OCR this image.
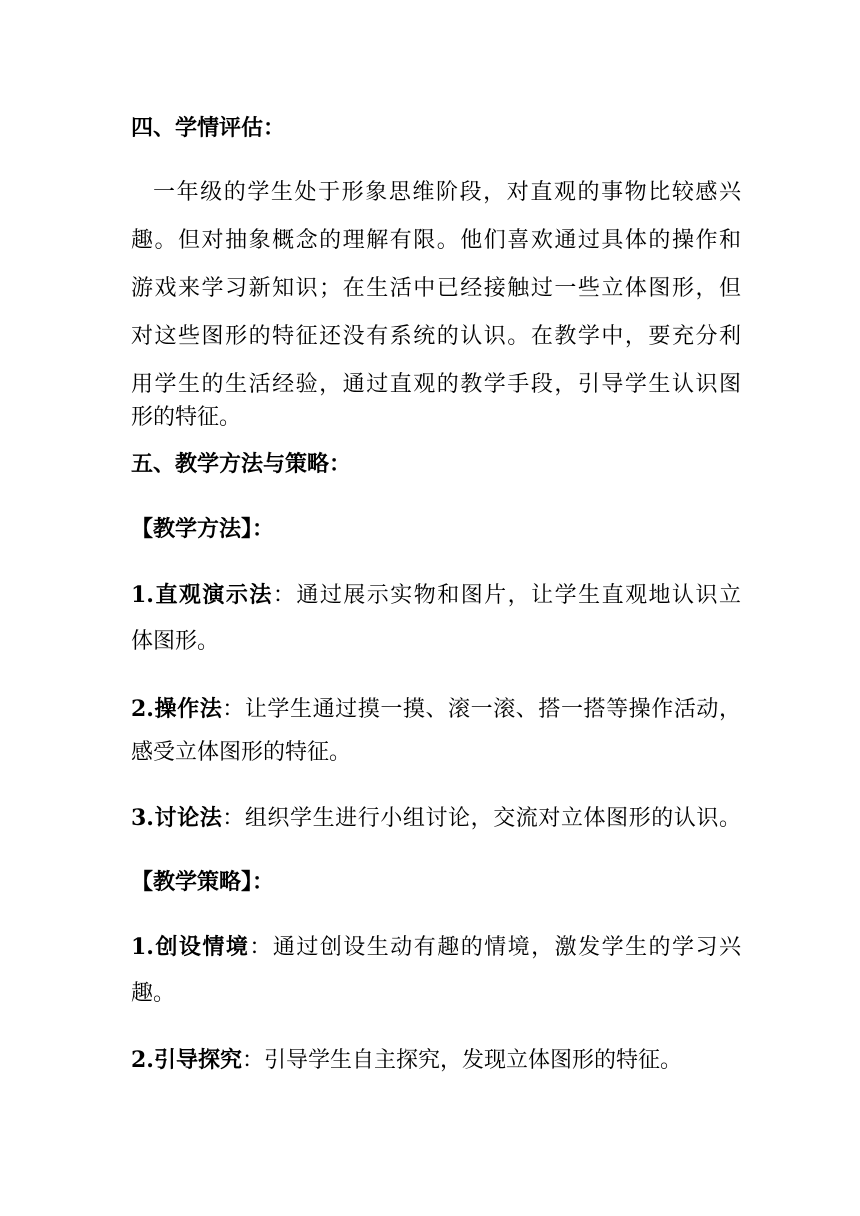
四、学情评估：
一年级的学生处于形象思维阶段，对直观的事物比较感兴
趣。但对抽象概念的理解有限。他们喜欢通过具体的操作和
游戏来学习新知识；在生活中已经接触过一些立体图形，但
对这些图形的特征还没有系统的认识。在教学中，要充分利
用学生的生活经验，通过直观的教学手段，引导学生认识图
形的特征。
五、教学方法与策略：
【教学方法】：
1.直观演示法：通过展示实物和图片，让学生直观地认识立
体图形。
2.操作法：让学生通过摸一摸、滚一滚、搭一搭等操作活动，
感受立体图形的特征。
3.讨论法：组织学生进行小组讨论，交流对立体图形的认识。
【教学策略】：
1.创设情境：通过创设生动有趣的情境，激发学生的学习兴
趣。
2.引导探究：引导学生自主探究，发现立体图形的特征。
